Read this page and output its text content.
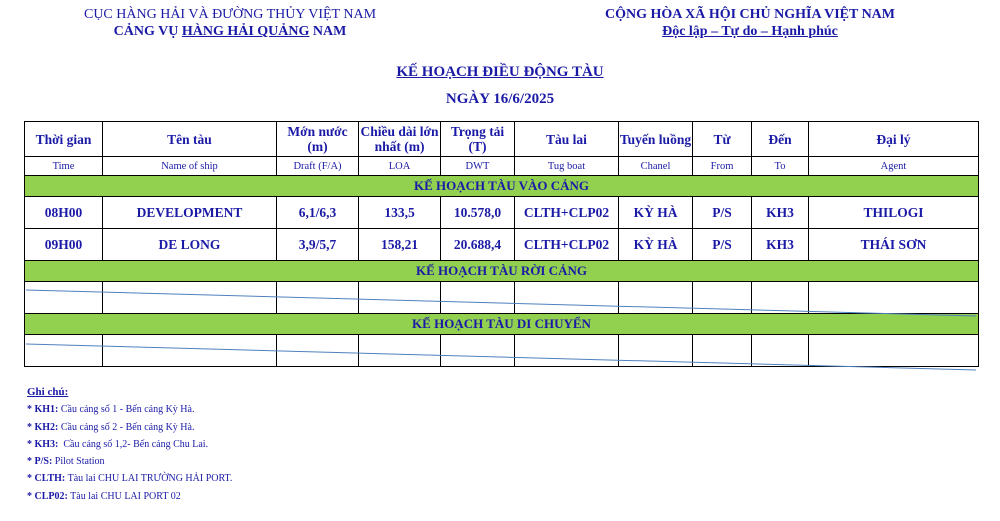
CỤC HÀNG HẢI VÀ ĐƯỜNG THỦY VIỆT NAM
CẢNG VỤ HÀNG HẢI QUẢNG NAM
CỘNG HÒA XÃ HỘI CHỦ NGHĨA VIỆT NAM
Độc lập – Tự do – Hạnh phúc
KẾ HOẠCH ĐIỀU ĐỘNG TÀU
NGÀY 16/6/2025
Thời gian	Tên tàu	Mớn nước (m)	Chiều dài lớn nhất (m)	Trọng tải (T)	Tàu lai	Tuyến luồng	Từ	Đến	Đại lý
Time	Name of ship	Draft (F/A)	LOA	DWT	Tug boat	Chanel	From	To	Agent
KẾ HOẠCH TÀU VÀO CẢNG									
08H00	DEVELOPMENT	6,1/6,3	133,5	10.578,0	CLTH+CLP02	KỲ HÀ	P/S	KH3	THILOGI
09H00	DE LONG	3,9/5,7	158,21	20.688,4	CLTH+CLP02	KỲ HÀ	P/S	KH3	THÁI SƠN
KẾ HOẠCH TÀU RỜI CẢNG									

KẾ HOẠCH TÀU DI CHUYỂN									

Ghi chú:
* KH1: Cầu cảng số 1 - Bến cảng Kỳ Hà.
* KH2: Cầu cảng số 2 - Bến cảng Kỳ Hà.
* KH3:  Cầu cảng số 1,2- Bến cảng Chu Lai.
* P/S: Pilot Station
* CLTH: Tàu lai CHU LAI TRƯỜNG HẢI PORT.
* CLP02: Tàu lai CHU LAI PORT 02
